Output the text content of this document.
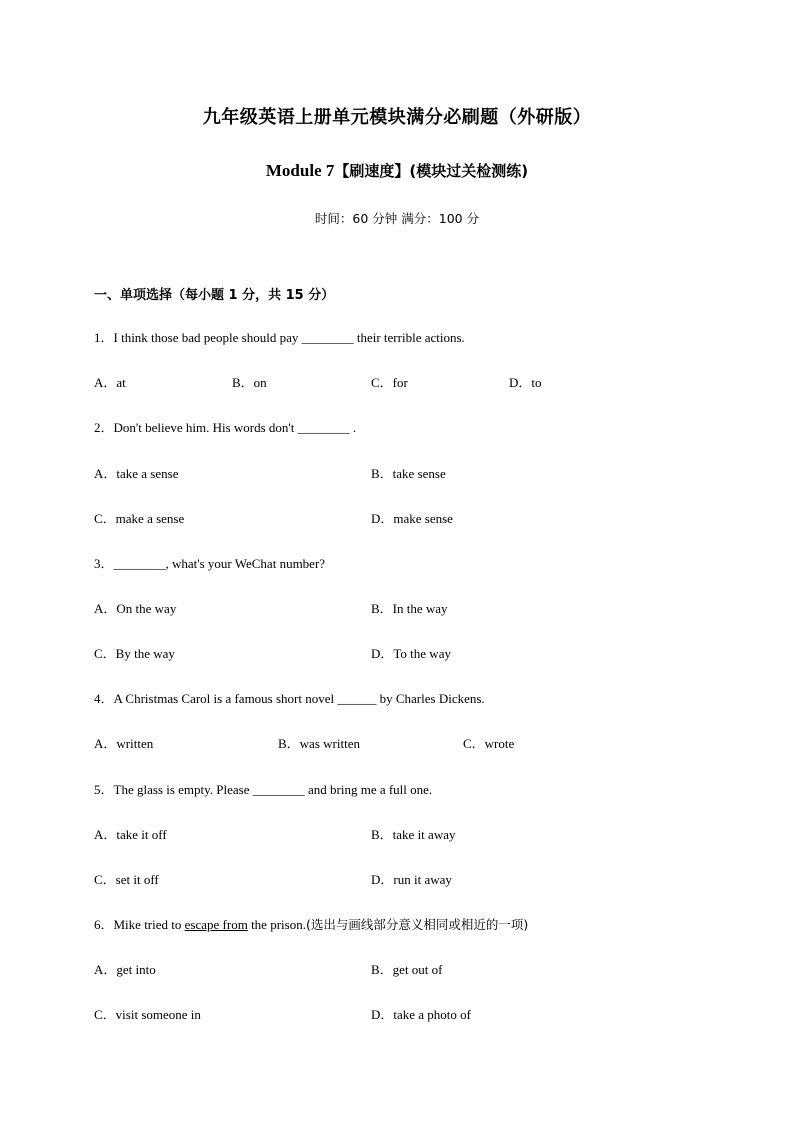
九年级英语上册单元模块满分必刷题（外研版）
Module 7【刷速度】(模块过关检测练)
时间：60 分钟 满分：100 分
一、单项选择（每小题 1 分，共 15 分）
1．I think those bad people should pay ________ their terrible actions.
A．at	B．on	C．for	D．to
2．Don't believe him. His words don't ________ .
A．take a sense	B．take sense
C．make a sense	D．make sense
3．________, what's your WeChat number?
A．On the way	B．In the way
C．By the way	D．To the way
4．A Christmas Carol is a famous short novel ______ by Charles Dickens.
A．written	B．was written	C．wrote
5．The glass is empty. Please ________ and bring me a full one.
A．take it off	B．take it away
C．set it off	D．run it away
6．Mike tried to escape from the prison.(选出与画线部分意义相同或相近的一项)
A．get into	B．get out of
C．visit someone in	D．take a photo of
